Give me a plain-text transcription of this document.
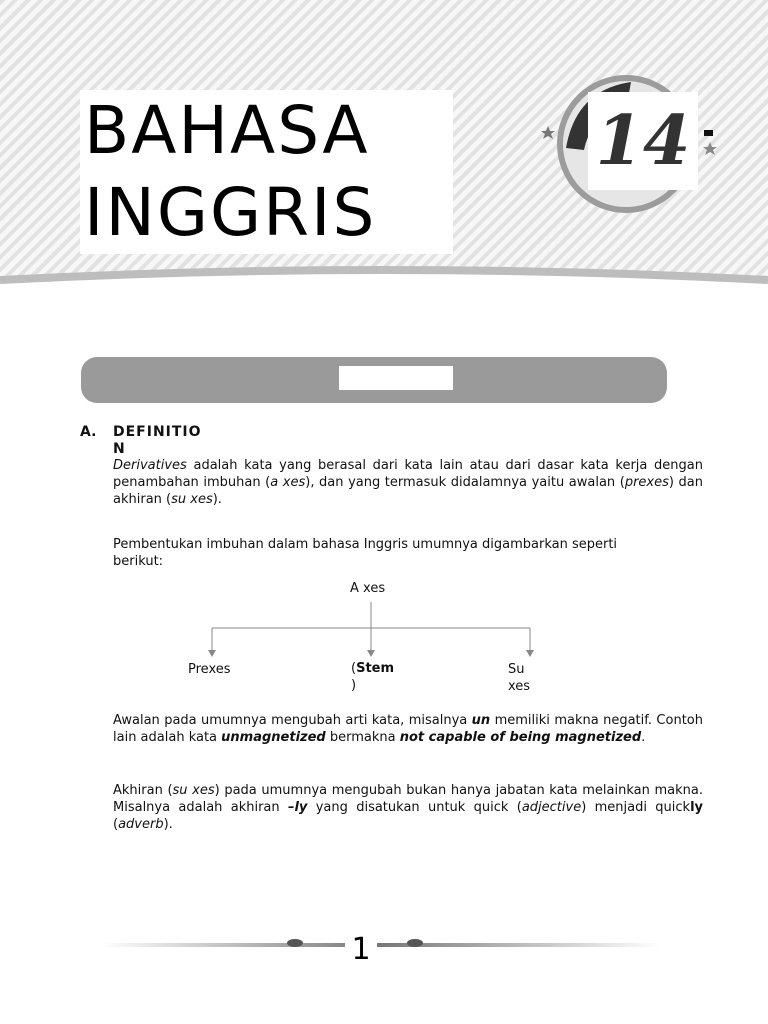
BAHASA
INGGRIS
14
A. DEFINITION
Derivatives adalah kata yang berasal dari kata lain atau dari dasar kata kerja dengan penambahan imbuhan (a xes), dan yang termasuk didalamnya yaitu awalan (prexes) dan akhiran (su xes).
Pembentukan imbuhan dalam bahasa Inggris umumnya digambarkan seperti berikut:
A xes
Prexes	(Stem
)
Su
xes
Awalan pada umumnya mengubah arti kata, misalnya un memiliki makna negatif. Contoh lain adalah kata unmagnetized bermakna not capable of being magnetized.
Akhiran (su xes) pada umumnya mengubah bukan hanya jabatan kata melainkan makna. Misalnya adalah akhiran –ly yang disatukan untuk quick (adjective) menjadi quickly (adverb).
1
